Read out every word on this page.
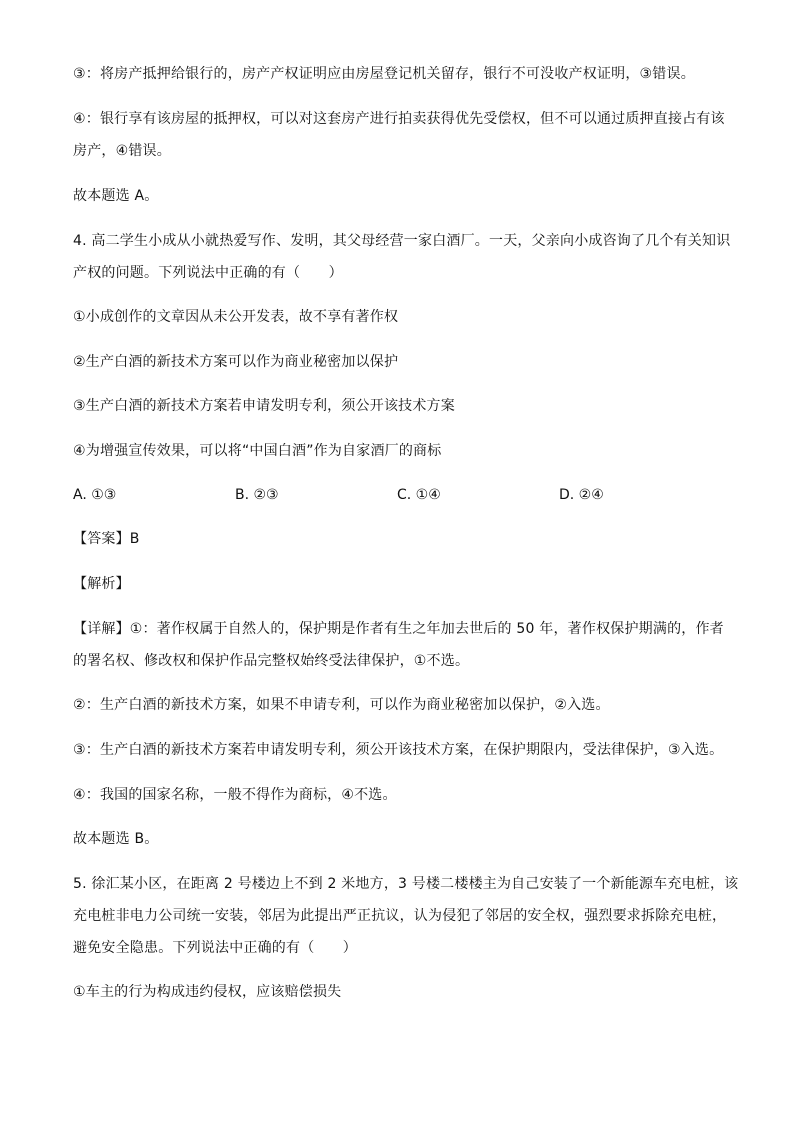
③：将房产抵押给银行的，房产产权证明应由房屋登记机关留存，银行不可没收产权证明，③错误。
④：银行享有该房屋的抵押权，可以对这套房产进行拍卖获得优先受偿权，但不可以通过质押直接占有该
房产，④错误。
故本题选 A。
4. 高二学生小成从小就热爱写作、发明，其父母经营一家白酒厂。一天，父亲向小成咨询了几个有关知识
产权的问题。下列说法中正确的有（　　）
①小成创作的文章因从未公开发表，故不享有著作权
②生产白酒的新技术方案可以作为商业秘密加以保护
③生产白酒的新技术方案若申请发明专利，须公开该技术方案
④为增强宣传效果，可以将“中国白酒”作为自家酒厂的商标
A. ①③	B. ②③	C. ①④	D. ②④
【答案】B
【解析】
【详解】①：著作权属于自然人的，保护期是作者有生之年加去世后的 50 年，著作权保护期满的，作者
的署名权、修改权和保护作品完整权始终受法律保护，①不选。
②：生产白酒的新技术方案，如果不申请专利，可以作为商业秘密加以保护，②入选。
③：生产白酒的新技术方案若申请发明专利，须公开该技术方案，在保护期限内，受法律保护，③入选。
④：我国的国家名称，一般不得作为商标，④不选。
故本题选 B。
5. 徐汇某小区，在距离 2 号楼边上不到 2 米地方，3 号楼二楼楼主为自己安装了一个新能源车充电桩，该
充电桩非电力公司统一安装，邻居为此提出严正抗议，认为侵犯了邻居的安全权，强烈要求拆除充电桩，
避免安全隐患。下列说法中正确的有（　　）
①车主的行为构成违约侵权，应该赔偿损失
